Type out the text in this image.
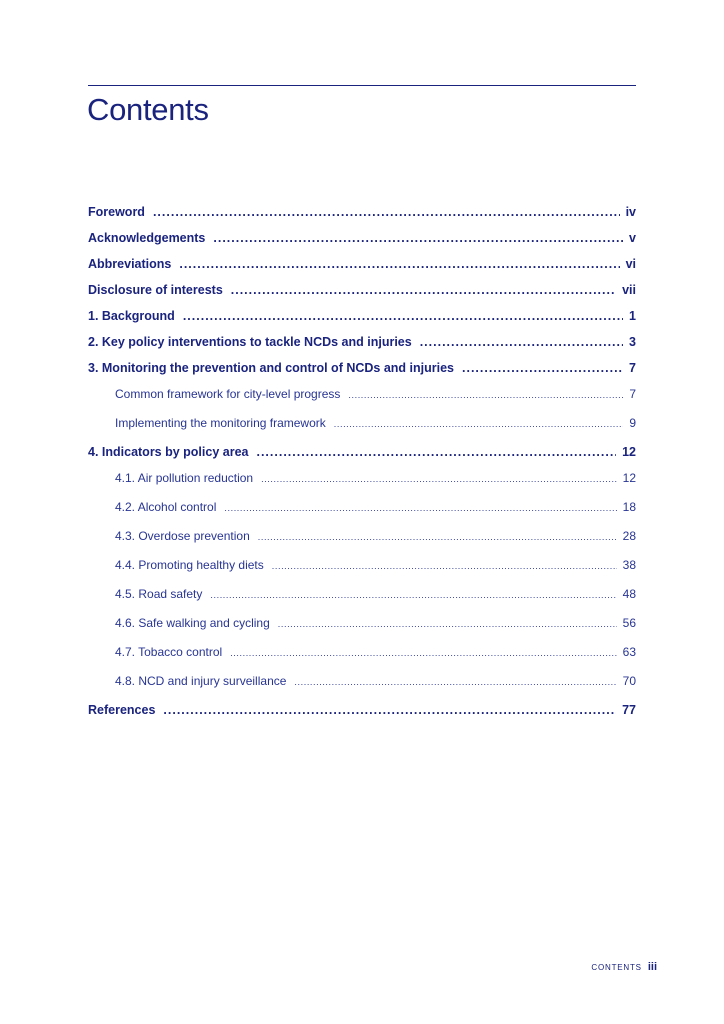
Contents
Foreword .....	iv
Acknowledgements .....	v
Abbreviations .....	vi
Disclosure of interests .....	vii
1. Background .....	1
2. Key policy interventions to tackle NCDs and injuries .....	3
3. Monitoring the prevention and control of NCDs and injuries .....	7
Common framework for city-level progress .....	7
Implementing the monitoring framework .....	9
4. Indicators by policy area .....	12
4.1. Air pollution reduction .....	12
4.2. Alcohol control .....	18
4.3. Overdose prevention .....	28
4.4. Promoting healthy diets .....	38
4.5. Road safety .....	48
4.6. Safe walking and cycling .....	56
4.7. Tobacco control .....	63
4.8. NCD and injury surveillance .....	70
References .....	77
CONTENTS iii
